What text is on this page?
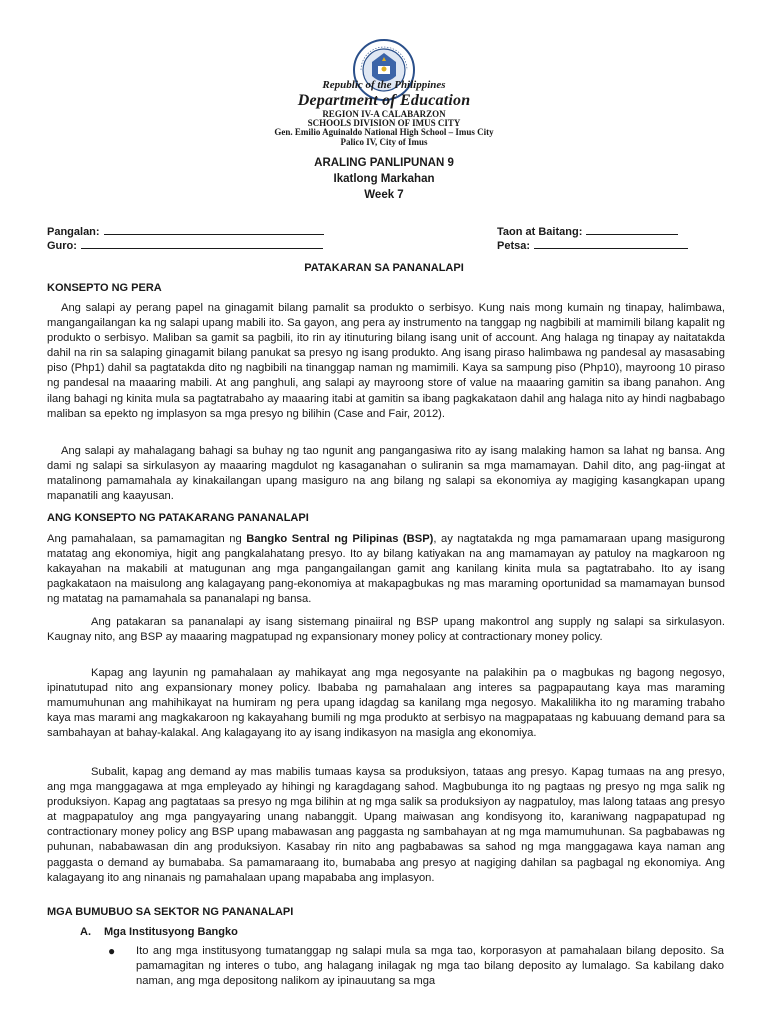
Republic of the Philippines
Department of Education
REGION IV-A CALABARZON
SCHOOLS DIVISION OF IMUS CITY
Gen. Emilio Aguinaldo National High School – Imus City
Palico IV, City of Imus
ARALING PANLIPUNAN 9
Ikatlong Markahan
Week 7
Pangalan:	Taon at Baitang:
Guro:	Petsa:
PATAKARAN SA PANANALAPI
KONSEPTO NG PERA
Ang salapi ay perang papel na ginagamit bilang pamalit sa produkto o serbisyo. Kung nais mong kumain ng tinapay, halimbawa, mangangailangan ka ng salapi upang mabili ito. Sa gayon, ang pera ay instrumento na tanggap ng nagbibili at mamimili bilang kapalit ng produkto o serbisyo. Maliban sa gamit sa pagbili, ito rin ay itinuturing bilang isang unit of account. Ang halaga ng tinapay ay naitatakda dahil na rin sa salaping ginagamit bilang panukat sa presyo ng isang produkto. Ang isang piraso halimbawa ng pandesal ay masasabing piso (Php1) dahil sa pagtatakda dito ng nagbibili na tinanggap naman ng mamimili. Kaya sa sampung piso (Php10), mayroong 10 piraso ng pandesal na maaaring mabili. At ang panghuli, ang salapi ay mayroong store of value na maaaring gamitin sa ibang panahon. Ang ilang bahagi ng kinita mula sa pagtatrabaho ay maaaring itabi at gamitin sa ibang pagkakataon dahil ang halaga nito ay hindi nagbabago maliban sa epekto ng implasyon sa mga presyo ng bilihin (Case and Fair, 2012).
Ang salapi ay mahalagang bahagi sa buhay ng tao ngunit ang pangangasiwa rito ay isang malaking hamon sa lahat ng bansa. Ang dami ng salapi sa sirkulasyon ay maaaring magdulot ng kasaganahan o suliranin sa mga mamamayan. Dahil dito, ang pag-iingat at matalinong pamamahala ay kinakailangan upang masiguro na ang bilang ng salapi sa ekonomiya ay magiging kasangkapan upang mapanatili ang kaayusan.
ANG KONSEPTO NG PATAKARANG PANANALAPI
Ang pamahalaan, sa pamamagitan ng Bangko Sentral ng Pilipinas (BSP), ay nagtatakda ng mga pamamaraan upang masigurong matatag ang ekonomiya, higit ang pangkalahatang presyo. Ito ay bilang katiyakan na ang mamamayan ay patuloy na magkaroon ng kakayahan na makabili at matugunan ang mga pangangailangan gamit ang kanilang kinita mula sa pagtatrabaho. Ito ay isang pagkakataon na maisulong ang kalagayang pang-ekonomiya at makapagbukas ng mas maraming oportunidad sa mamamayan bunsod ng matatag na pamamahala sa pananalapi ng bansa.
Ang patakaran sa pananalapi ay isang sistemang pinaiiral ng BSP upang makontrol ang supply ng salapi sa sirkulasyon. Kaugnay nito, ang BSP ay maaaring magpatupad ng expansionary money policy at contractionary money policy.
Kapag ang layunin ng pamahalaan ay mahikayat ang mga negosyante na palakihin pa o magbukas ng bagong negosyo, ipinatutupad nito ang expansionary money policy. Ibababa ng pamahalaan ang interes sa pagpapautang kaya mas maraming mamumuhunan ang mahihikayat na humiram ng pera upang idagdag sa kanilang mga negosyo. Makalilikha ito ng maraming trabaho kaya mas marami ang magkakaroon ng kakayahang bumili ng mga produkto at serbisyo na magpapataas ng kabuuang demand para sa sambahayan at bahay-kalakal. Ang kalagayang ito ay isang indikasyon na masigla ang ekonomiya.
Subalit, kapag ang demand ay mas mabilis tumaas kaysa sa produksiyon, tataas ang presyo. Kapag tumaas na ang presyo, ang mga manggagawa at mga empleyado ay hihingi ng karagdagang sahod. Magbubunga ito ng pagtaas ng presyo ng mga salik ng produksiyon. Kapag ang pagtataas sa presyo ng mga bilihin at ng mga salik sa produksiyon ay nagpatuloy, mas lalong tataas ang presyo at magpapatuloy ang mga pangyayaring unang nabanggit. Upang maiwasan ang kondisyong ito, karaniwang nagpapatupad ng contractionary money policy ang BSP upang mabawasan ang paggasta ng sambahayan at ng mga mamumuhunan. Sa pagbabawas ng puhunan, nababawasan din ang produksiyon. Kasabay rin nito ang pagbabawas sa sahod ng mga manggagawa kaya naman ang paggasta o demand ay bumababa. Sa pamamaraang ito, bumababa ang presyo at nagiging dahilan sa pagbagal ng ekonomiya. Ang kalagayang ito ang ninanais ng pamahalaan upang mapababa ang implasyon.
MGA BUMUBUO SA SEKTOR NG PANANALAPI
A. Mga Institusyong Bangko
● Ito ang mga institusyong tumatanggap ng salapi mula sa mga tao, korporasyon at pamahalaan bilang deposito. Sa pamamagitan ng interes o tubo, ang halagang inilagak ng mga tao bilang deposito ay lumalago. Sa kabilang dako naman, ang mga depositong nalikom ay ipinauutang sa mga
